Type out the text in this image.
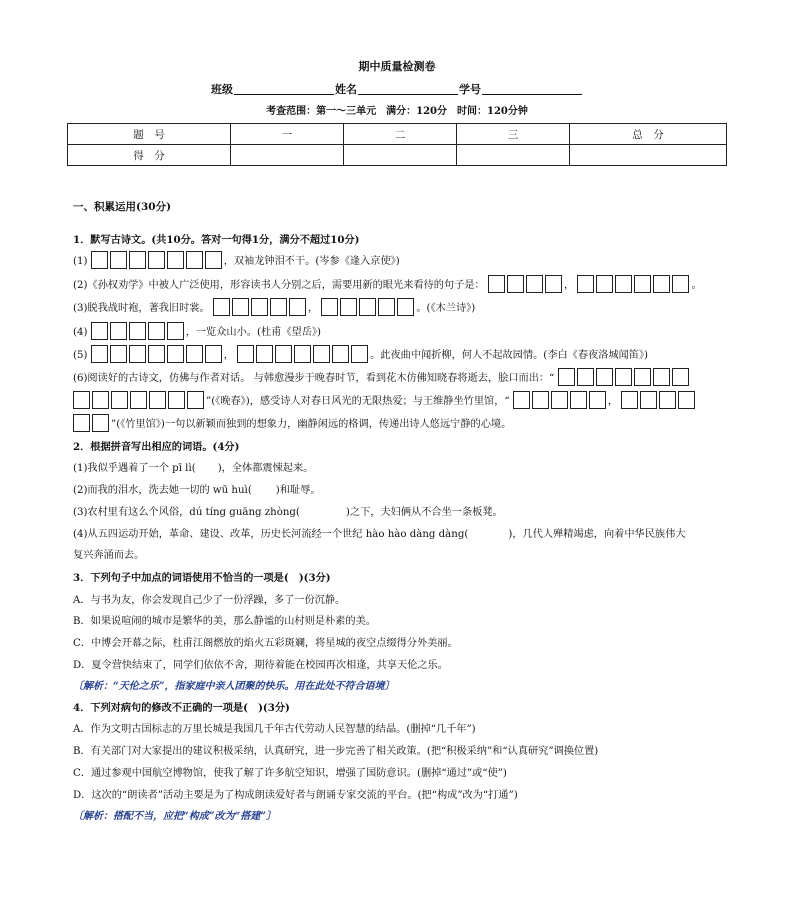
期中质量检测卷
班级	姓名	学号
考查范围：第一～三单元　满分：120分　时间：120分钟
题　号	一	二	三	总　分
得　分				
一、积累运用(30分)
1．默写古诗文。(共10分。答对一句得1分，满分不超过10分)
(1)	，双袖龙钟泪不干。(岑参《逢入京使》)
(2)《孙权劝学》中被人广泛使用，形容读书人分别之后，需要用新的眼光来看待的句子是：	，	。
(3)脱我战时袍，著我旧时裳。	，	。(《木兰诗》)
(4)	，一览众山小。(杜甫《望岳》)
(5)	，	。此夜曲中闻折柳，何人不起故园情。(李白《春夜洛城闻笛》)
(6)阅读好的古诗文，仿佛与作者对话。 与韩愈漫步于晚春时节，看到花木仿佛知晓春将逝去，脍口而出：“
”(《晚春》)，感受诗人对春日风光的无限热爱；与王维静坐竹里馆，“	，
”(《竹里馆》)一句以新颖而独到的想象力，幽静闲远的格调，传递出诗人悠远宁静的心境。
2．根据拼音写出相应的词语。(4分)
(1)我似乎遇着了一个 pī lì( )，全体都震悚起来。
(2)而我的泪水，洗去她一切的 wū huì( )和耻辱。
(3)农村里有这么个风俗，dú tíng guāng zhòng(	)之下，夫妇俩从不合坐一条板凳。
(4)从五四运动开始，革命、建设、改革，历史长河流经一个世纪 hào hào dàng dàng(	)，几代人殚精竭虑，向着中华民族伟大
复兴奔涌而去。
3．下列句子中加点的词语使用不恰当的一项是(　)(3分)
A．与书为友，你会发现自己少了一份浮躁，多了一份沉静。
B．如果说喧闹的城市是繁华的美，那么静谧的山村则是朴素的美。
C．中博会开幕之际，杜甫江阁燃放的焰火五彩斑斓，将星城的夜空点缀得分外美丽。
D．夏令营快结束了，同学们依依不舍，期待着能在校园再次相逢，共享天伦之乐。
〔解析：“天伦之乐”，指家庭中亲人团聚的快乐。用在此处不符合语境〕
4．下列对病句的修改不正确的一项是(　)(3分)
A．作为文明古国标志的万里长城是我国几千年古代劳动人民智慧的结晶。(删掉“几千年”)
B．有关部门对大家提出的建议积极采纳，认真研究，进一步完善了相关政策。(把“积极采纳”和“认真研究”调换位置)
C．通过参观中国航空博物馆，使我了解了许多航空知识，增强了国防意识。(删掉“通过”或“使”)
D．这次的“朗读者”活动主要是为了构成朗读爱好者与朗诵专家交流的平台。(把“构成”改为“打通”)
〔解析：搭配不当，应把“构成”改为“搭建”〕
